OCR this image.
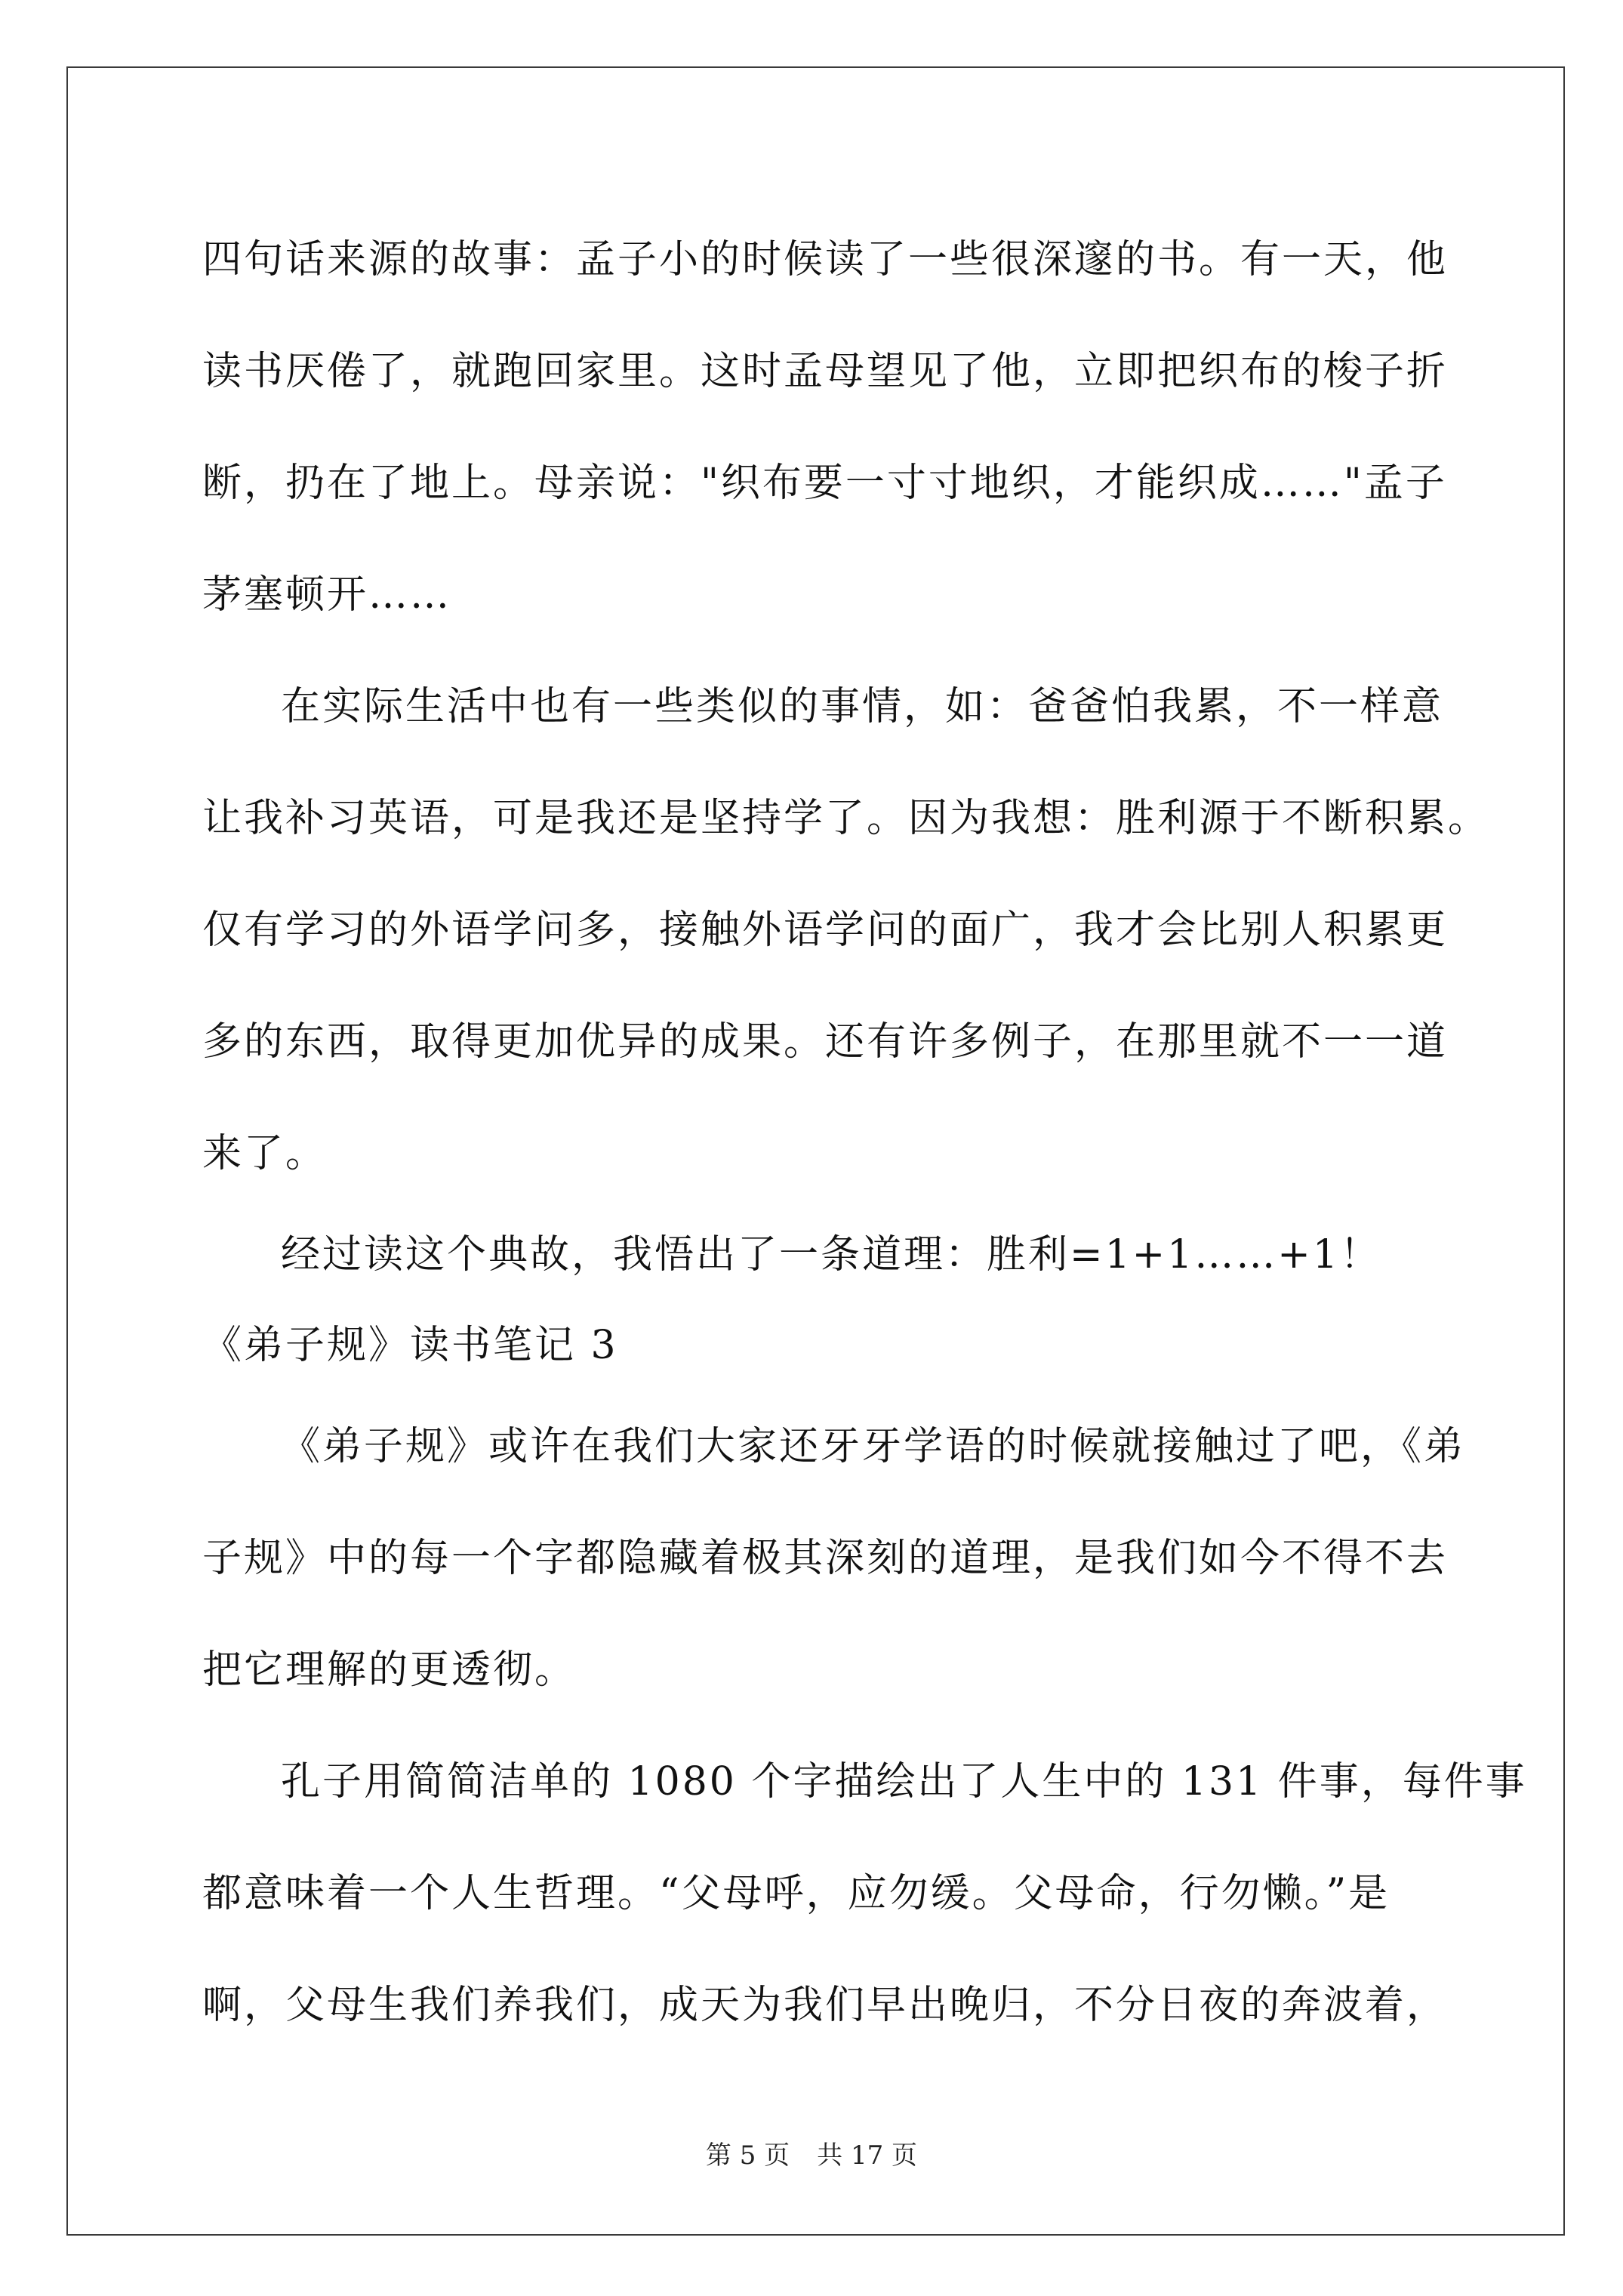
四句话来源的故事：孟子小的时候读了一些很深邃的书。有一天，他
读书厌倦了，就跑回家里。这时孟母望见了他，立即把织布的梭子折
断，扔在了地上。母亲说："织布要一寸寸地织，才能织成……"孟子
茅塞顿开……
在实际生活中也有一些类似的事情，如：爸爸怕我累，不一样意
让我补习英语，可是我还是坚持学了。因为我想：胜利源于不断积累。
仅有学习的外语学问多，接触外语学问的面广，我才会比别人积累更
多的东西，取得更加优异的成果。还有许多例子，在那里就不一一道
来了。
经过读这个典故，我悟出了一条道理：胜利=1+1……+1！
《弟子规》读书笔记 3
《弟子规》或许在我们大家还牙牙学语的时候就接触过了吧，《弟
子规》中的每一个字都隐藏着极其深刻的道理，是我们如今不得不去
把它理解的更透彻。
孔子用简简洁单的 1080 个字描绘出了人生中的 131 件事，每件事
都意味着一个人生哲理。“父母呼，应勿缓。父母命，行勿懒。”是
啊，父母生我们养我们，成天为我们早出晚归，不分日夜的奔波着，
第 5 页 共 17 页
